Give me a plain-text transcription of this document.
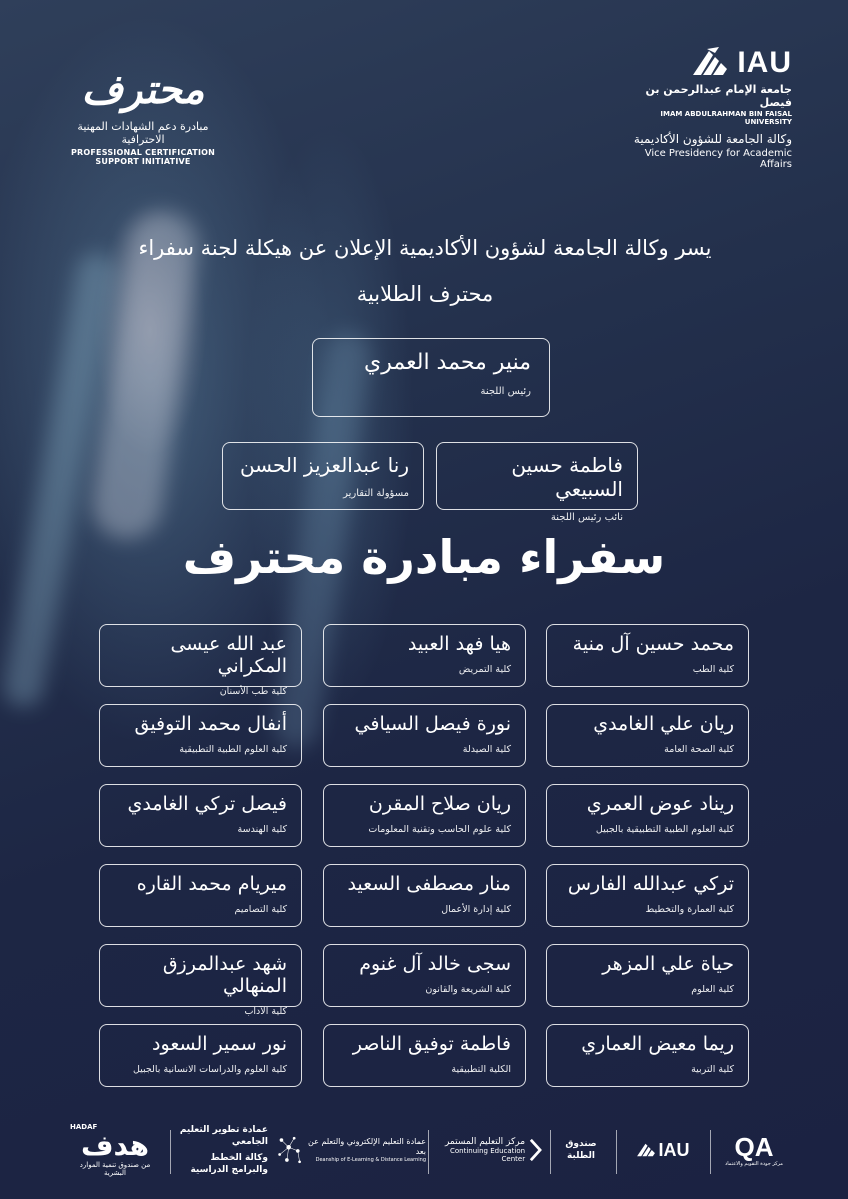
محترف
مبادرة دعم الشهادات المهنية الاحترافية
PROFESSIONAL CERTIFICATION SUPPORT INITIATIVE
IAU
جامعة الإمام عبدالرحمن بن فيصل
IMAM ABDULRAHMAN BIN FAISAL UNIVERSITY
وكالة الجامعة للشؤون الأكاديمية
Vice Presidency for Academic Affairs
يسر وكالة الجامعة لشؤون الأكاديمية الإعلان عن هيكلة لجنة سفراء
محترف الطلابية
منير محمد العمري
رئيس اللجنة
فاطمة حسين السبيعي
نائب رئيس اللجنة
رنا عبدالعزيز الحسن
مسؤولة التقارير
سفراء مبادرة محترف
محمد حسين آل منية
كلية الطب
هيا فهد العبيد
كلية التمريض
عبد الله عيسى المكراني
كلية طب الأسنان
ريان علي الغامدي
كلية الصحة العامة
نورة فيصل السيافي
كلية الصيدلة
أنفال محمد التوفيق
كلية العلوم الطبية التطبيقية
ريناد عوض العمري
كلية العلوم الطبية التطبيقية بالجبيل
ريان صلاح المقرن
كلية علوم الحاسب وتقنية المعلومات
فيصل تركي الغامدي
كلية الهندسة
تركي عبدالله الفارس
كلية العمارة والتخطيط
منار مصطفى السعيد
كلية إدارة الأعمال
ميريام محمد القاره
كلية التصاميم
حياة علي المزهر
كلية العلوم
سجى خالد آل غنوم
كلية الشريعة والقانون
شهد عبدالمرزق المنهالي
كلية الآداب
ريما معيض العماري
كلية التربية
فاطمة توفيق الناصر
الكلية التطبيقية
نور سمير السعود
كلية العلوم والدراسات الانسانية بالجبيل
HADAF
هدف
من صندوق تنمية الموارد البشرية
عمادة تطوير التعليم الجامعي
وكالة الخطط والبرامج الدراسية
عمادة التعليم الإلكتروني والتعلم عن بعد
Deanship of E-Learning & Distance Learning
مركز التعليم المستمر
Continuing Education Center
صندوق الطلبة	IAU	QA
مركز جودة التقويم والاعتماد
